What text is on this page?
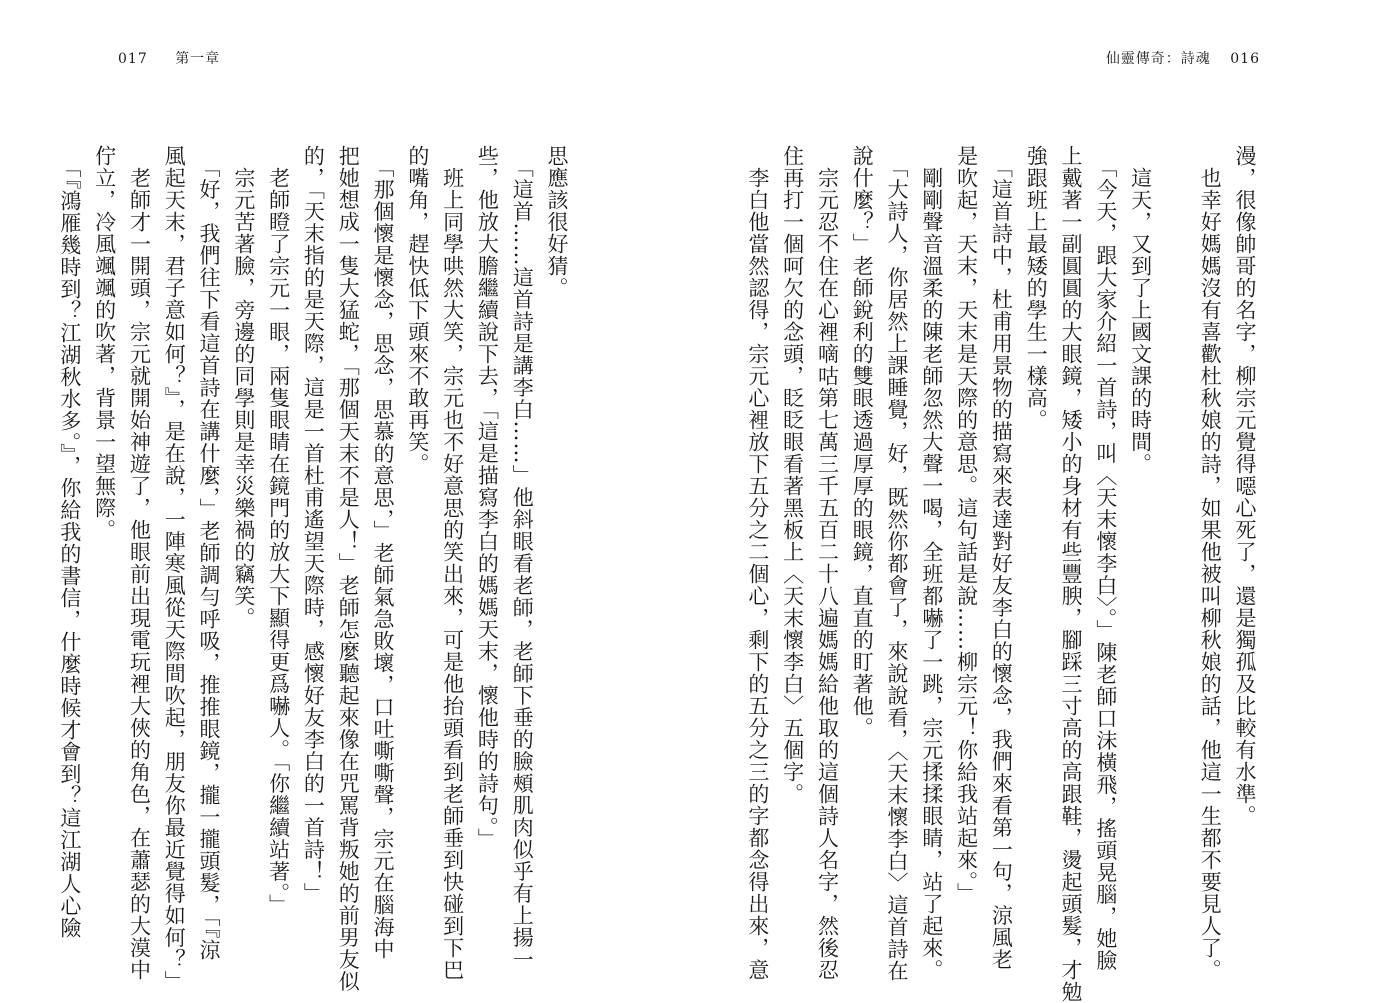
017 第一章	仙靈傳奇：詩魂 016
漫，很像帥哥的名字，柳宗元覺得噁心死了，還是獨孤及比較有水準。
　也幸好媽媽沒有喜歡杜秋娘的詩，如果他被叫柳秋娘的話，他這一生都不要見人了。

　這天，又到了上國文課的時間。
　「今天，跟大家介紹一首詩，叫〈天末懷李白〉。」陳老師口沫橫飛，搖頭晃腦，她臉
上戴著一副圓圓的大眼鏡，矮小的身材有些豐腴，腳踩三寸高的高跟鞋，燙起頭髮，才勉
強跟班上最矮的學生一樣高。
　「這首詩中，杜甫用景物的描寫來表達對好友李白的懷念，我們來看第一句，涼風老
是吹起，天末，天末是天際的意思。這句話是說……柳宗元！你給我站起來。」
　剛剛聲音溫柔的陳老師忽然大聲一喝，全班都嚇了一跳，宗元揉揉眼睛，站了起來。
　「大詩人，你居然上課睡覺，好，既然你都會了，來說說看，〈天末懷李白〉這首詩在
說什麼？」老師銳利的雙眼透過厚厚的眼鏡，直直的盯著他。
　宗元忍不住在心裡嘀咕第七萬三千五百二十八遍媽媽給他取的這個詩人名字，然後忍
住再打一個呵欠的念頭，眨眨眼看著黑板上〈天末懷李白〉五個字。
　李白他當然認得，宗元心裡放下五分之二個心，剩下的五分之三的字都念得出來，意
思應該很好猜。
　「這首……這首詩是講李白……」他斜眼看老師，老師下垂的臉頰肌肉似乎有上揚一
些，他放大膽繼續說下去，「這是描寫李白的媽媽天末，懷他時的詩句。」
　班上同學哄然大笑，宗元也不好意思的笑出來，可是他抬頭看到老師垂到快碰到下巴
的嘴角，趕快低下頭來不敢再笑。
　「那個懷是懷念，思念，思慕的意思，」老師氣急敗壞，口吐嘶嘶聲，宗元在腦海中
把她想成一隻大猛蛇，「那個天末不是人！」老師怎麼聽起來像在咒罵背叛她的前男友似
的，「天末指的是天際，這是一首杜甫遙望天際時，感懷好友李白的一首詩！」
　老師瞪了宗元一眼，兩隻眼睛在鏡門的放大下顯得更爲嚇人。「你繼續站著。」
　宗元苦著臉，旁邊的同學則是幸災樂禍的竊笑。
　「好，我們往下看這首詩在講什麼，」老師調勻呼吸，推推眼鏡，攏一攏頭髮，「『涼
風起天末，君子意如何？』，是在說，一陣寒風從天際間吹起，朋友你最近覺得如何？」
　老師才一開頭，宗元就開始神遊了，他眼前出現電玩裡大俠的角色，在蕭瑟的大漠中
佇立，冷風颯颯的吹著，背景一望無際。
　「『鴻雁幾時到？江湖秋水多。』，你給我的書信，什麼時候才會到？這江湖人心險
